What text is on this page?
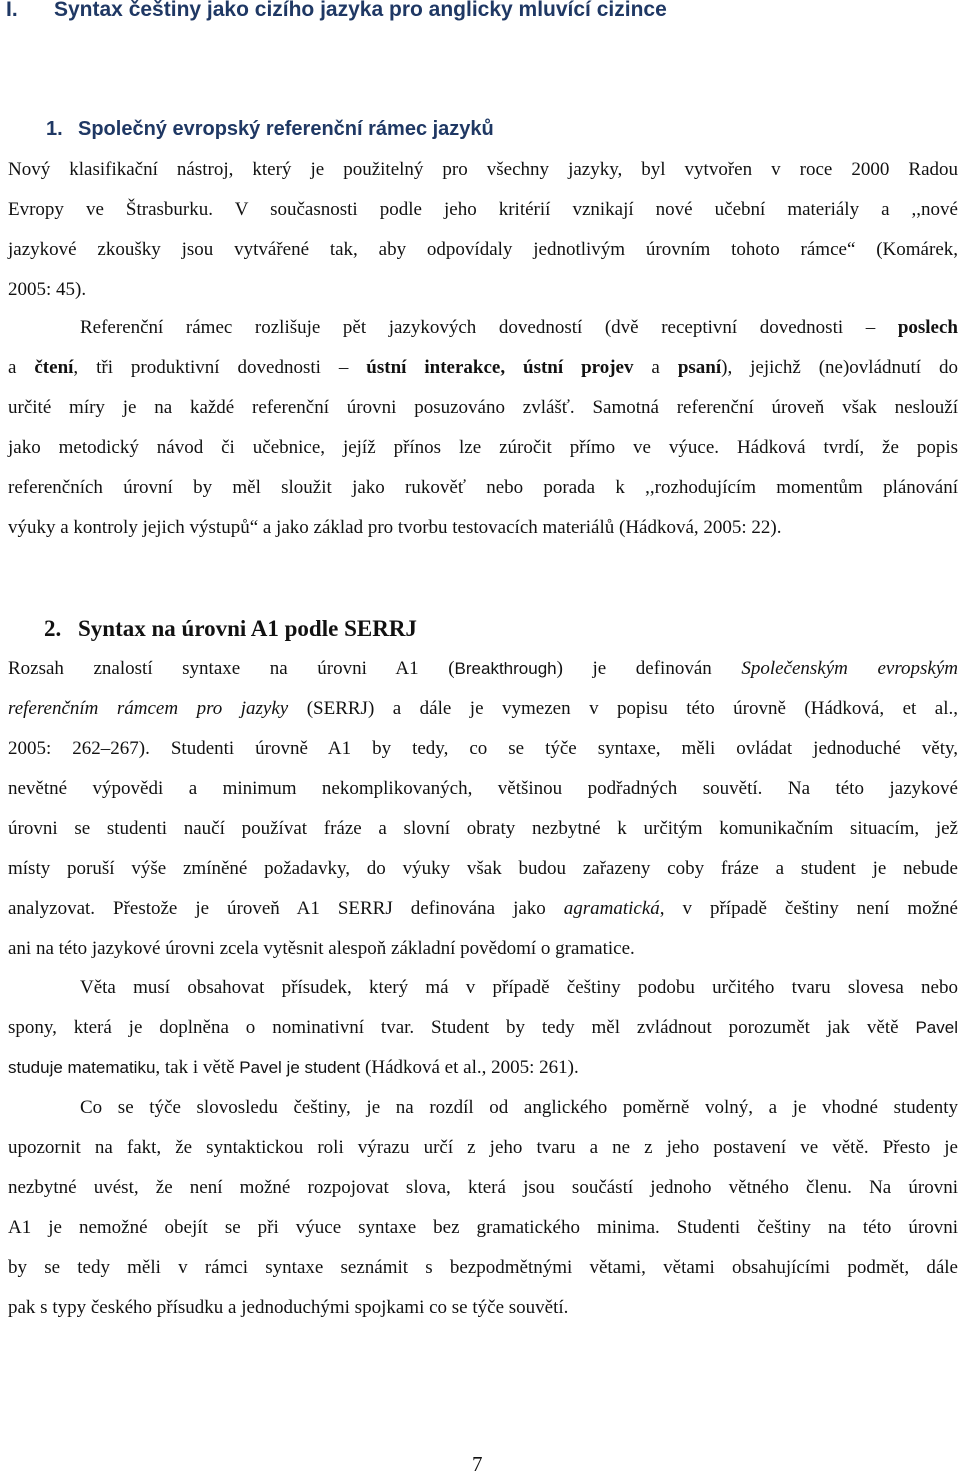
I. Syntax češtiny jako cizího jazyka pro anglicky mluvící cizince
1. Společný evropský referenční rámec jazyků
Nový klasifikační nástroj, který je použitelný pro všechny jazyky, byl vytvořen v roce 2000 Radou
Evropy ve Štrasburku. V současnosti podle jeho kritérií vznikají nové učební materiály a ,,nové
jazykové zkoušky jsou vytvářené tak, aby odpovídaly jednotlivým úrovním tohoto rámce“ (Komárek,
2005: 45).
Referenční rámec rozlišuje pět jazykových dovedností (dvě receptivní dovednosti – poslech
a čtení, tři produktivní dovednosti – ústní interakce, ústní projev a psaní), jejichž (ne)ovládnutí do
určité míry je na každé referenční úrovni posuzováno zvlášť. Samotná referenční úroveň však neslouží
jako metodický návod či učebnice, jejíž přínos lze zúročit přímo ve výuce. Hádková tvrdí, že popis
referenčních úrovní by měl sloužit jako rukověť nebo porada k ,,rozhodujícím momentům plánování
výuky a kontroly jejich výstupů“ a jako základ pro tvorbu testovacích materiálů (Hádková, 2005: 22).
2. Syntax na úrovni A1 podle SERRJ
Rozsah znalostí syntaxe na úrovni A1 (Breakthrough) je definován Společenským evropským
referenčním rámcem pro jazyky (SERRJ) a dále je vymezen v popisu této úrovně (Hádková, et al.,
2005: 262–267). Studenti úrovně A1 by tedy, co se týče syntaxe, měli ovládat jednoduché věty,
nevětné výpovědi a minimum nekomplikovaných, většinou podřadných souvětí. Na této jazykové
úrovni se studenti naučí používat fráze a slovní obraty nezbytné k určitým komunikačním situacím, jež
místy poruší výše zmíněné požadavky, do výuky však budou zařazeny coby fráze a student je nebude
analyzovat. Přestože je úroveň A1 SERRJ definována jako agramatická, v případě češtiny není možné
ani na této jazykové úrovni zcela vytěsnit alespoň základní povědomí o gramatice.
Věta musí obsahovat přísudek, který má v případě češtiny podobu určitého tvaru slovesa nebo
spony, která je doplněna o nominativní tvar. Student by tedy měl zvládnout porozumět jak větě Pavel
studuje matematiku, tak i větě Pavel je student (Hádková et al., 2005: 261).
Co se týče slovosledu češtiny, je na rozdíl od anglického poměrně volný, a je vhodné studenty
upozornit na fakt, že syntaktickou roli výrazu určí z jeho tvaru a ne z jeho postavení ve větě. Přesto je
nezbytné uvést, že není možné rozpojovat slova, která jsou součástí jednoho větného členu. Na úrovni
A1 je nemožné obejít se při výuce syntaxe bez gramatického minima. Studenti češtiny na této úrovni
by se tedy měli v rámci syntaxe seznámit s bezpodmětnými větami, větami obsahujícími podmět, dále
pak s typy českého přísudku a jednoduchými spojkami co se týče souvětí.
7
